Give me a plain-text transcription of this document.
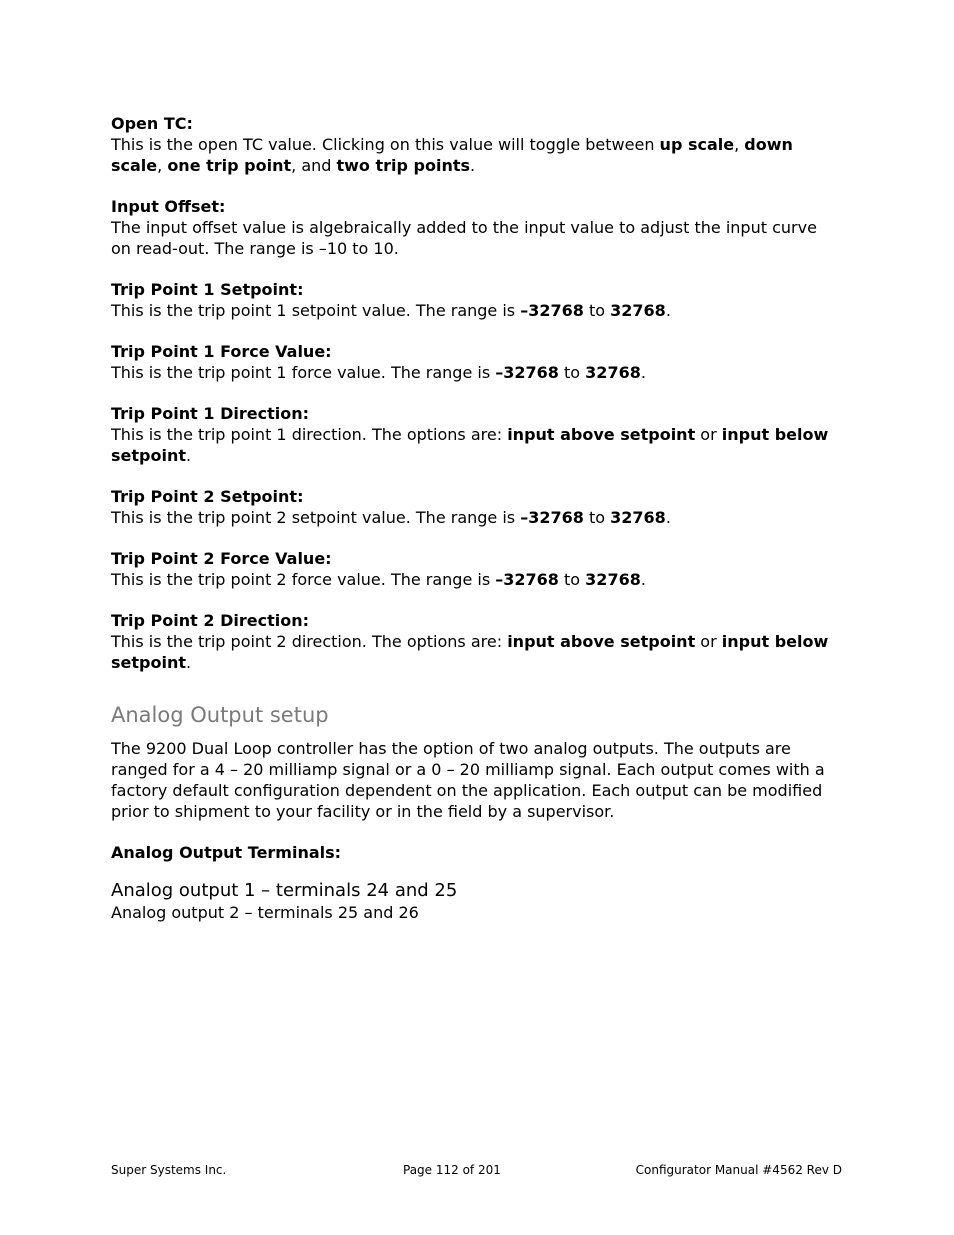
Open TC:
This is the open TC value. Clicking on this value will toggle between up scale, down scale, one trip point, and two trip points.
Input Offset:
The input offset value is algebraically added to the input value to adjust the input curve on read-out. The range is –10 to 10.
Trip Point 1 Setpoint:
This is the trip point 1 setpoint value. The range is –32768 to 32768.
Trip Point 1 Force Value:
This is the trip point 1 force value. The range is –32768 to 32768.
Trip Point 1 Direction:
This is the trip point 1 direction. The options are: input above setpoint or input below setpoint.
Trip Point 2 Setpoint:
This is the trip point 2 setpoint value. The range is –32768 to 32768.
Trip Point 2 Force Value:
This is the trip point 2 force value. The range is –32768 to 32768.
Trip Point 2 Direction:
This is the trip point 2 direction. The options are: input above setpoint or input below setpoint.
Analog Output setup
The 9200 Dual Loop controller has the option of two analog outputs. The outputs are ranged for a 4 – 20 milliamp signal or a 0 – 20 milliamp signal. Each output comes with a factory default configuration dependent on the application. Each output can be modified prior to shipment to your facility or in the field by a supervisor.
Analog Output Terminals:
Analog output 1 – terminals 24 and 25
Analog output 2 – terminals 25 and 26
Super Systems Inc.	Page 112 of 201	Configurator Manual #4562 Rev D
